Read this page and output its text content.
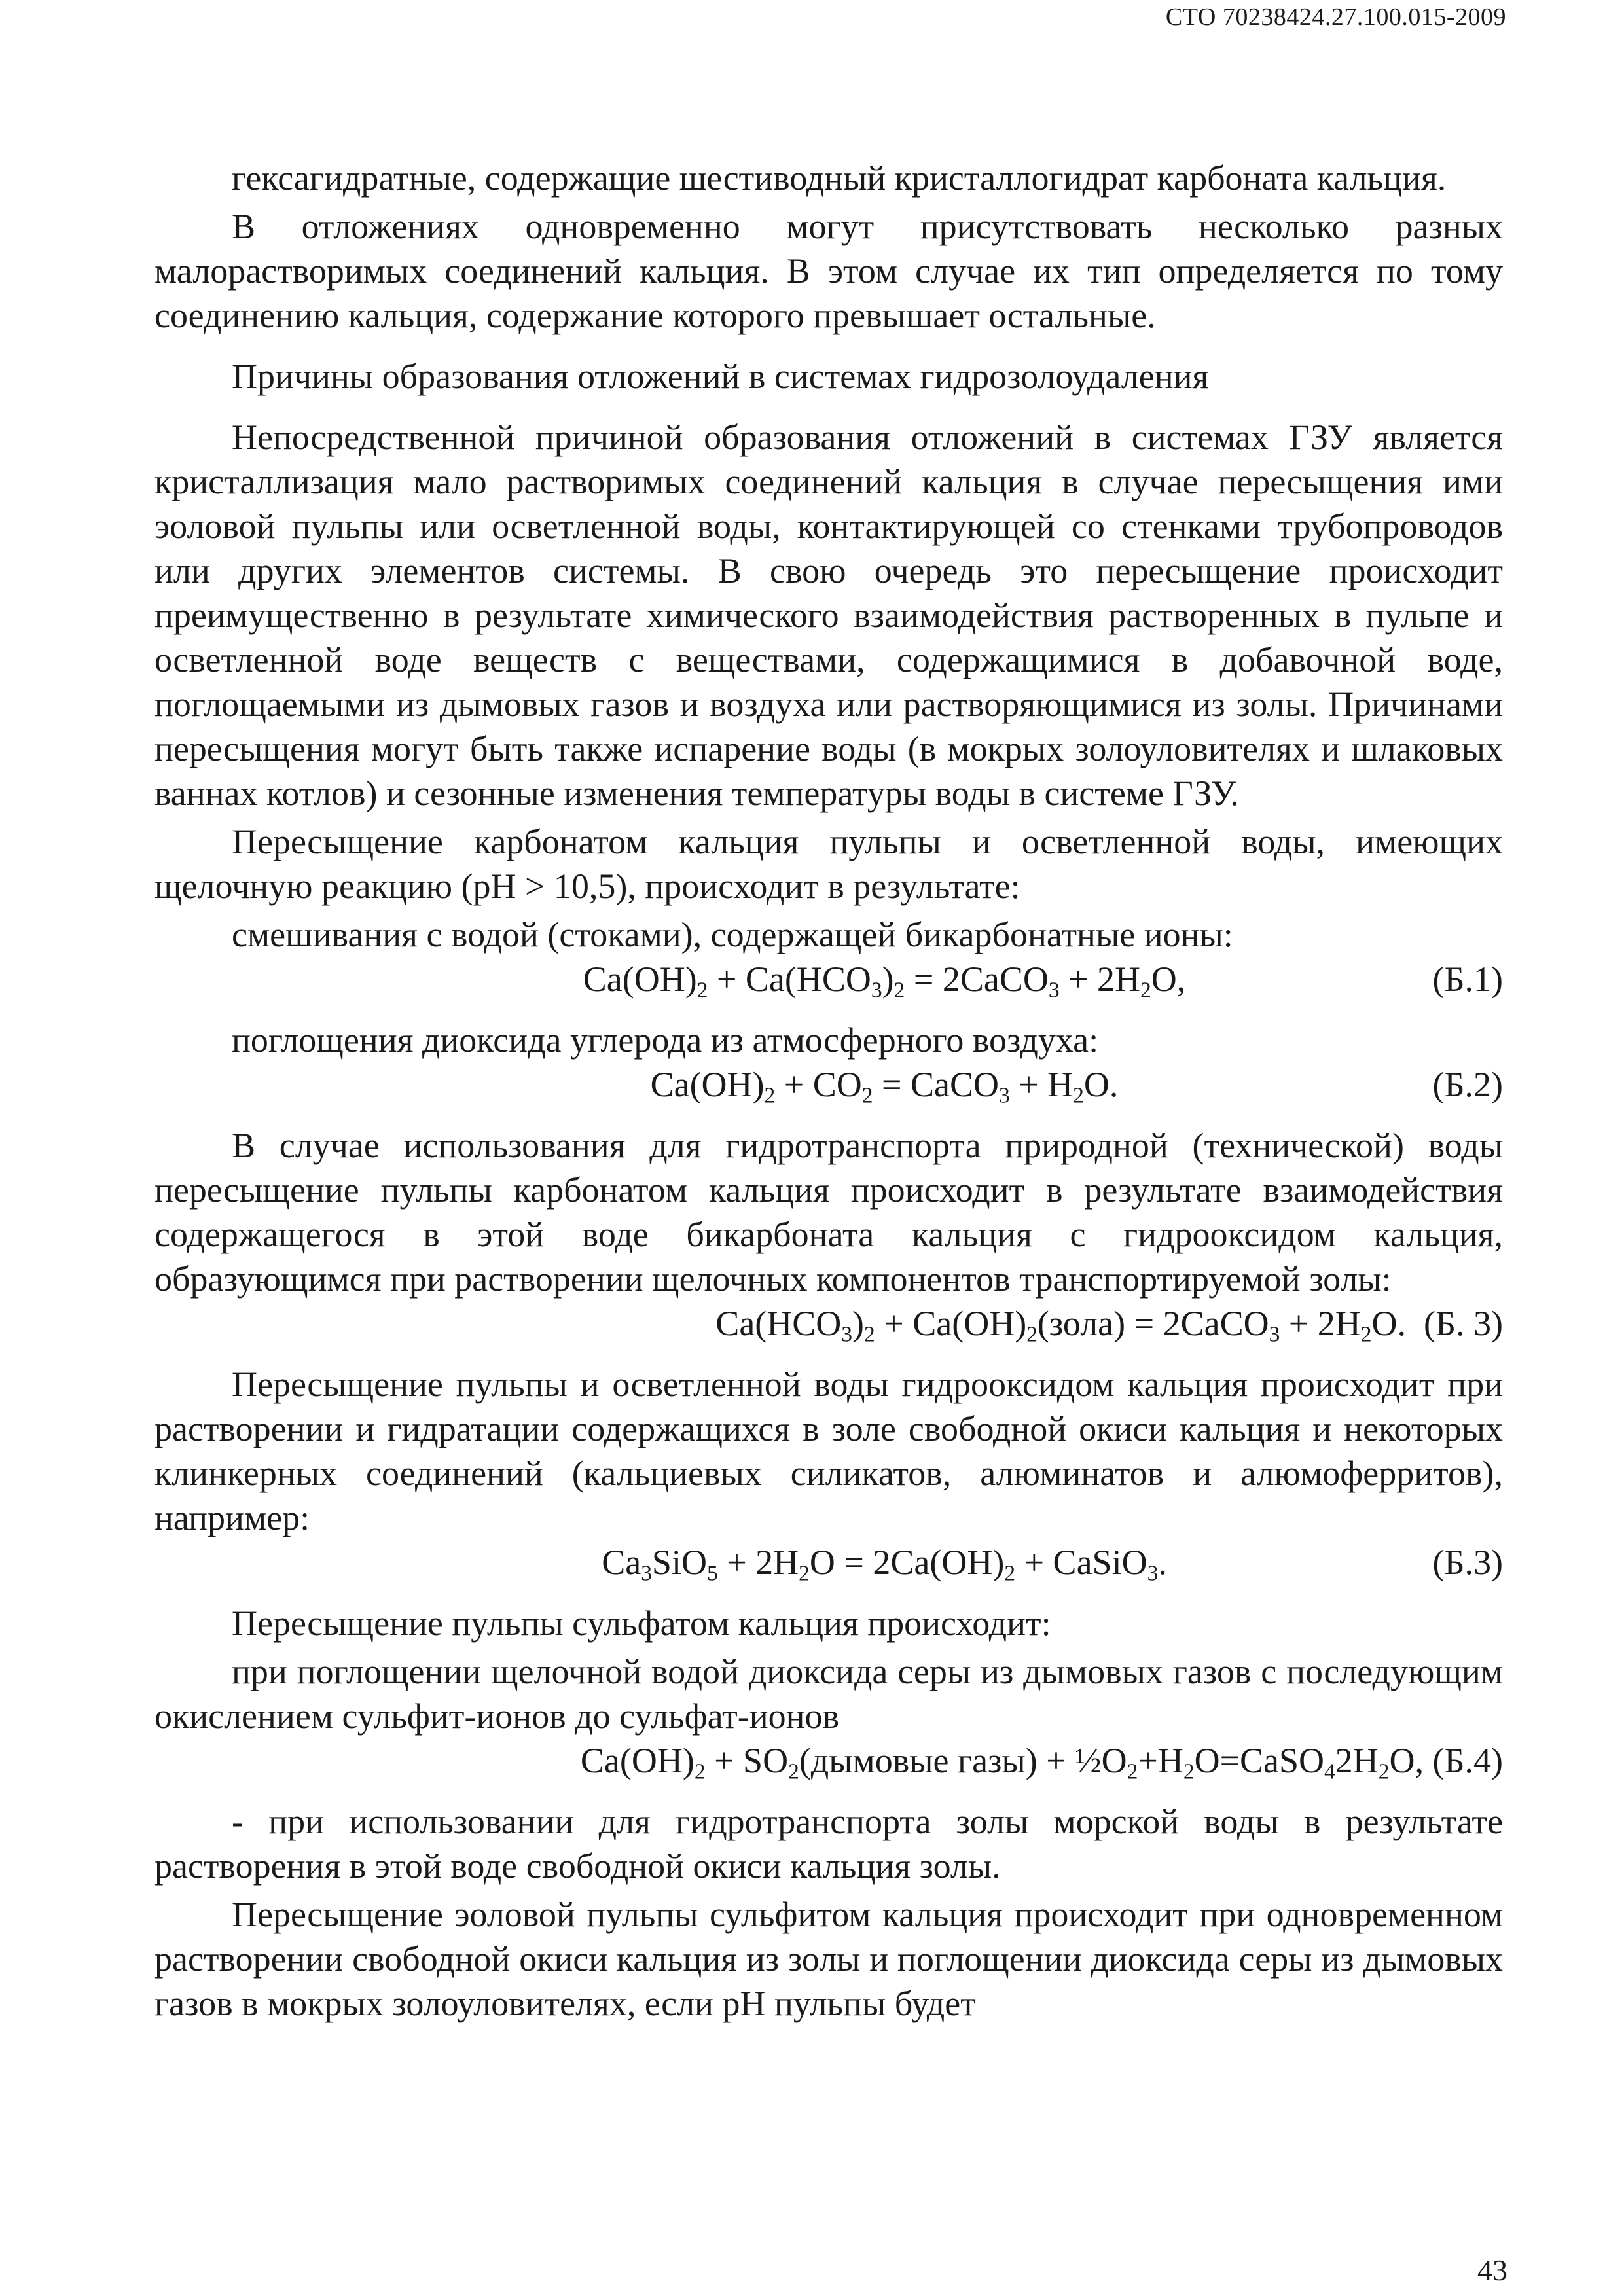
СТО 70238424.27.100.015-2009

гексагидратные, содержащие шестиводный кристаллогидрат карбоната кальция.

В отложениях одновременно могут присутствовать несколько разных малорастворимых соединений кальция. В этом случае их тип определяется по тому соединению кальция, содержание которого превышает остальные.

Причины образования отложений в системах гидрозолоудаления

Непосредственной причиной образования отложений в системах ГЗУ является кристаллизация мало растворимых соединений кальция в случае пересыщения ими эоловой пульпы или осветленной воды, контактирующей со стенками трубопроводов или других элементов системы. В свою очередь это пересыщение происходит преимущественно в результате химического взаимодействия растворенных в пульпе и осветленной воде веществ с веществами, содержащимися в добавочной воде, поглощаемыми из дымовых газов и воздуха или растворяющимися из золы. Причинами пересыщения могут быть также испарение воды (в мокрых золоуловителях и шлаковых ваннах котлов) и сезонные изменения температуры воды в системе ГЗУ.

Пересыщение карбонатом кальция пульпы и осветленной воды, имеющих щелочную реакцию (pH > 10,5), происходит в результате:

смешивания с водой (стоками), содержащей бикарбонатные ионы:

$Ca(OH)_2 + Ca(HCO_3)_2$ = 2CaCO$_3$ + $2H_2O$,	(Б.1)

поглощения диоксида углерода из атмосферного воздуха:

$Ca(OH)_2 + CO_2$ = CaCO$_3$ + $H_2O$.	(Б.2)

В случае использования для гидротранспорта природной (технической) воды пересыщение пульпы карбонатом кальция происходит в результате взаимодействия содержащегося в этой воде бикарбоната кальция с гидрооксидом кальция, образующимся при растворении щелочных компонентов транспортируемой золы:

$Ca(HCO_3)_2$ + $Ca(OH)_2(зола)$ = 2CaCO$_3$ + $2H_2O$. (Б. 3)

Пересыщение пульпы и осветленной воды гидрооксидом кальция происходит при растворении и гидратации содержащихся в золе свободной окиси кальция и некоторых клинкерных соединений (кальциевых силикатов, алюминатов и алюмоферритов), например:

$Ca_3SiO_5 + 2H_2O = 2Ca(OH)_2$ + CaSiO$_3$.	(Б.3)

Пересыщение пульпы сульфатом кальция происходит:

при поглощении щелочной водой диоксида серы из дымовых газов с последующим окислением сульфит-ионов до сульфат-ионов

$Ca(OH)_2$ + $SO_2(дымовые$ газы) + $\frac{1}{2}O_2+H_2O=CaSO_42H_2O$, (Б.4)

- при использовании для гидротранспорта золы морской воды в результате растворения в этой воде свободной окиси кальция золы.

Пересыщение эоловой пульпы сульфитом кальция происходит при одновременном растворении свободной окиси кальция из золы и поглощении диоксида серы из дымовых газов в мокрых золоуловителях, если pH пульпы будет

43
